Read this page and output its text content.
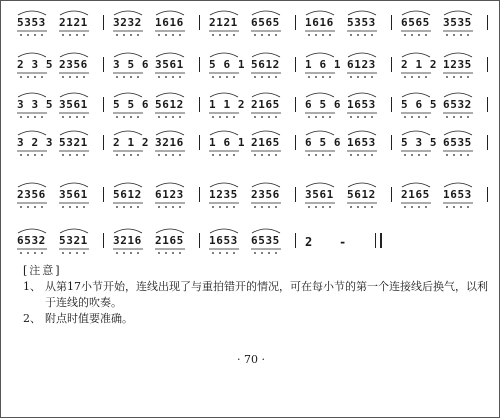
5353 2121 3232 1616 2121 6565 1616 5353 6565 3535
2 3 5 2356 3 5 6 3561 5 6 1 5612 1 6 1 6123 2 1 2 1235
3 3 5 3561 5 5 6 5612 1 1 2 2165 6 5 6 1653 5 6 5 6532
3 2 3 5321 2 1 2 3216 1 6 1 2165 6 5 6 1653 5 3 5 6535
2356 3561 5612 6123 1235 2356 3561 5612 2165 1653
6532 5321 3216 2165 1653 6535 2 -
[注意]
1、 从第17小节开始，连线出现了与重拍错开的情况，可在每小节的第一个连接线后换气，以利于连线的吹奏。
2、 附点时值要准确。
· 70 ·
